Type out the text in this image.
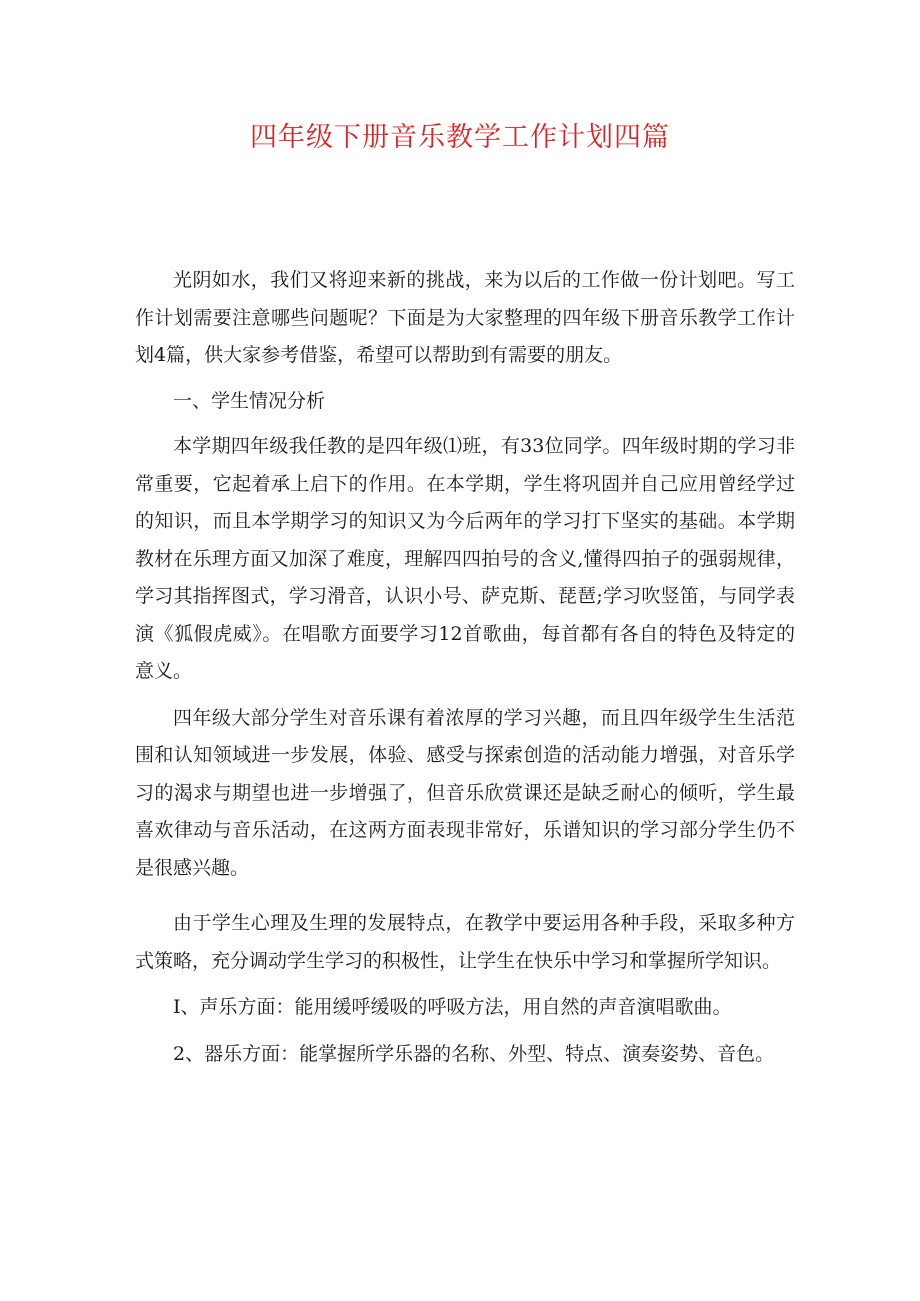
四年级下册音乐教学工作计划四篇

光阴如水，我们又将迎来新的挑战，来为以后的工作做一份计划吧。写工作计划需要注意哪些问题呢？下面是为大家整理的四年级下册音乐教学工作计划4篇，供大家参考借鉴，希望可以帮助到有需要的朋友。

一、学生情况分析

本学期四年级我任教的是四年级⑴班，有33位同学。四年级时期的学习非常重要，它起着承上启下的作用。在本学期，学生将巩固并自己应用曾经学过的知识，而且本学期学习的知识又为今后两年的学习打下坚实的基础。本学期教材在乐理方面又加深了难度，理解四四拍号的含义,懂得四拍子的强弱规律，学习其指挥图式，学习滑音，认识小号、萨克斯、琵琶;学习吹竖笛，与同学表演《狐假虎威》。在唱歌方面要学习12首歌曲，每首都有各自的特色及特定的意义。

四年级大部分学生对音乐课有着浓厚的学习兴趣，而且四年级学生生活范围和认知领域进一步发展，体验、感受与探索创造的活动能力增强，对音乐学习的渴求与期望也进一步增强了，但音乐欣赏课还是缺乏耐心的倾听，学生最喜欢律动与音乐活动，在这两方面表现非常好，乐谱知识的学习部分学生仍不是很感兴趣。

由于学生心理及生理的发展特点，在教学中要运用各种手段，采取多种方式策略，充分调动学生学习的积极性，让学生在快乐中学习和掌握所学知识。

I、声乐方面：能用缓呼缓吸的呼吸方法，用自然的声音演唱歌曲。

2、器乐方面：能掌握所学乐器的名称、外型、特点、演奏姿势、音色。
